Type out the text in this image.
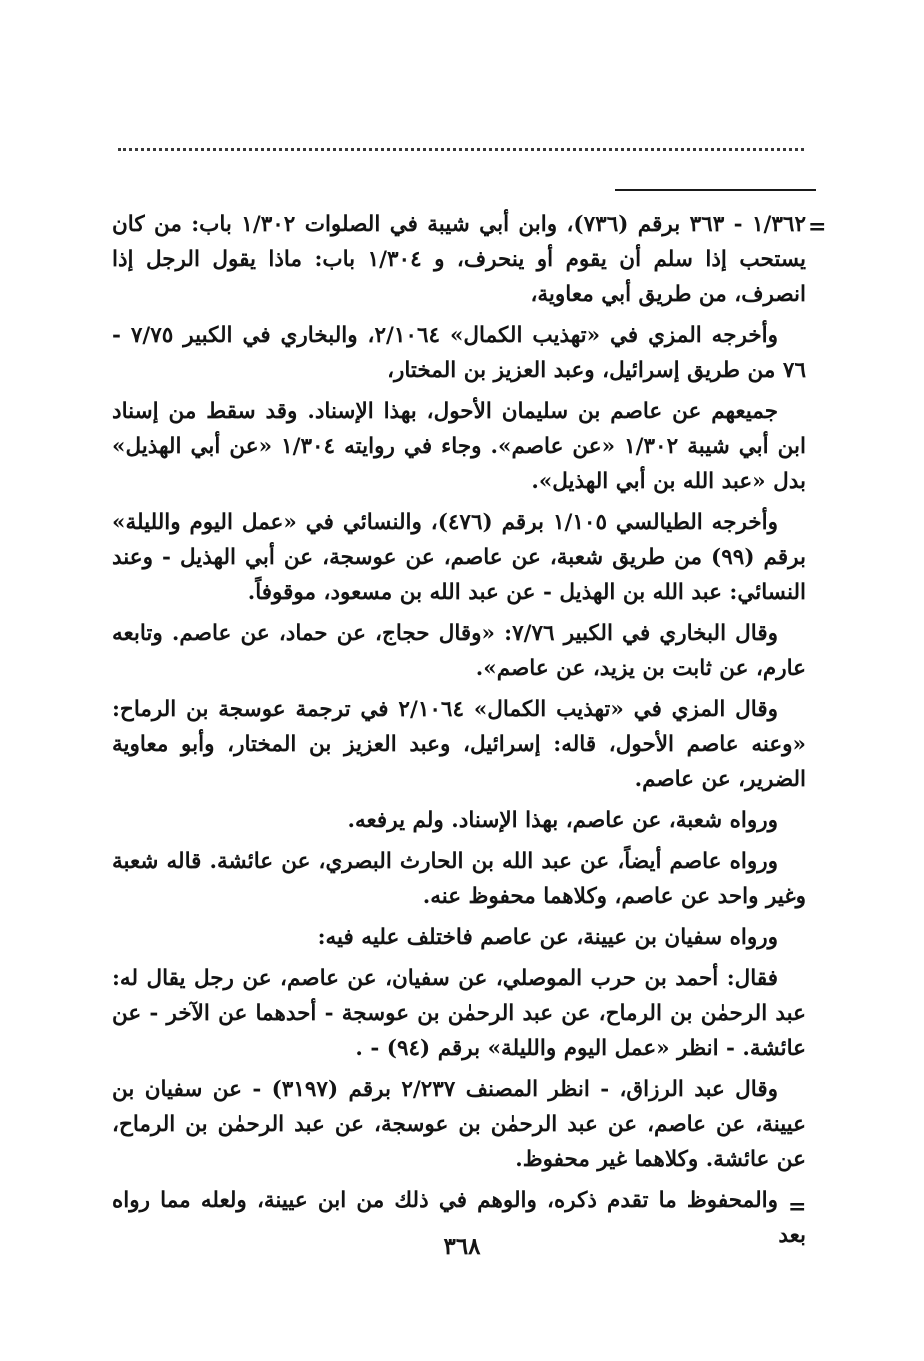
=

١/٣٦٢ - ٣٦٣ برقم (٧٣٦)، وابن أبي شيبة في الصلوات ١/٣٠٢ باب: من كان يستحب إذا سلم أن يقوم أو ينحرف، و ١/٣٠٤ باب: ماذا يقول الرجل إذا انصرف، من طريق أبي معاوية،

وأخرجه المزي في «تهذيب الكمال» ٢/١٠٦٤، والبخاري في الكبير ٧/٧٥ - ٧٦ من طريق إسرائيل، وعبد العزيز بن المختار،

جميعهم عن عاصم بن سليمان الأحول، بهذا الإسناد. وقد سقط من إسناد ابن أبي شيبة ١/٣٠٢ «عن عاصم». وجاء في روايته ١/٣٠٤ «عن أبي الهذيل» بدل «عبد الله بن أبي الهذيل».

وأخرجه الطيالسي ١/١٠٥ برقم (٤٧٦)، والنسائي في «عمل اليوم والليلة» برقم (٩٩) من طريق شعبة، عن عاصم، عن عوسجة، عن أبي الهذيل - وعند النسائي: عبد الله بن الهذيل - عن عبد الله بن مسعود، موقوفاً.

وقال البخاري في الكبير ٧/٧٦: «وقال حجاج، عن حماد، عن عاصم. وتابعه عارم، عن ثابت بن يزيد، عن عاصم».

وقال المزي في «تهذيب الكمال» ٢/١٠٦٤ في ترجمة عوسجة بن الرماح: «وعنه عاصم الأحول، قاله: إسرائيل، وعبد العزيز بن المختار، وأبو معاوية الضرير، عن عاصم.

ورواه شعبة، عن عاصم، بهذا الإسناد. ولم يرفعه.

ورواه عاصم أيضاً، عن عبد الله بن الحارث البصري، عن عائشة. قاله شعبة وغير واحد عن عاصم، وكلاهما محفوظ عنه.

ورواه سفيان بن عيينة، عن عاصم فاختلف عليه فيه:

فقال: أحمد بن حرب الموصلي، عن سفيان، عن عاصم، عن رجل يقال له: عبد الرحمٰن بن الرماح، عن عبد الرحمٰن بن عوسجة - أحدهما عن الآخر - عن عائشة. - انظر «عمل اليوم والليلة» برقم (٩٤) - .

وقال عبد الرزاق، - انظر المصنف ٢/٢٣٧ برقم (٣١٩٧) - عن سفيان بن عيينة، عن عاصم، عن عبد الرحمٰن بن عوسجة، عن عبد الرحمٰن بن الرماح، عن عائشة. وكلاهما غير محفوظ.

والمحفوظ ما تقدم ذكره، والوهم في ذلك من ابن عيينة، ولعله مما رواه بعد

=
٣٦٨
